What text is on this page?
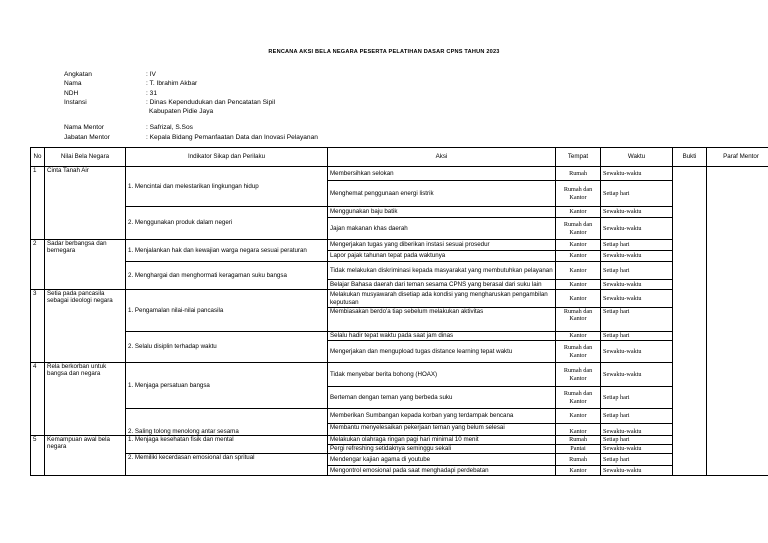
RENCANA AKSI BELA NEGARA PESERTA PELATIHAN DASAR CPNS TAHUN 2023
Angkatan	: IV
Nama	: T. Ibrahim Akbar
NDH	: 31
Instansi	: Dinas Kependudukan dan Pencatatan Sipil
Kabupaten Pidie Jaya
Nama Mentor	: Safrizal, S.Sos
Jabatan Mentor	: Kepala Bidang Pemanfaatan Data dan Inovasi Pelayanan
No	Nilai Bela Negara	Indikator Sikap dan Perilaku	Aksi	Tempat	Waktu	Bukti	Paraf Mentor
1	Cinta Tanah Air	1. Mencintai dan melestarikan lingkungan hidup	Membersihkan selokan	Rumah	Sewaktu-waktu		
			Menghemat penggunaan energi listrik	Rumah dan Kantor	Setiap hari		
		2. Menggunakan produk dalam negeri	Menggunakan baju batik	Kantor	Sewaktu-waktu		
			Jajan makanan khas daerah	Rumah dan Kantor	Sewaktu-waktu		
2	Sadar berbangsa dan bernegara	1. Menjalankan hak dan kewajian warga negara sesuai peraturan	Mengerjakan tugas yang diberikan instasi sesuai prosedur	Kantor	Setiap hari		
			Lapor pajak tahunan tepat pada waktunya	Kantor	Sewaktu-waktu		
		2. Menghargai dan menghormati keragaman suku bangsa	Tidak melakukan diskriminasi kepada masyarakat yang membutuhkan pelayanan	Kantor	Setiap hari		
			Belajar Bahasa daerah dari teman sesama CPNS yang berasal dari suku lain	Kantor	Sewaktu-waktu		
3	Setia pada pancasila sebagai ideologi negara	1. Pengamalan nilai-nilai pancasila	Melakukan musyawarah disetiap ada kondisi yang mengharuskan pengambilan keputusan	Kantor	Sewaktu-waktu		
			Membiasakan berdo'a tiap sebelum melakukan aktivitas	Rumah dan Kantor	Setiap hari		
		2. Selalu disiplin terhadap waktu	Selalu hadir tepat waktu pada saat jam dinas	Kantor	Setiap hari		
			Mengerjakan dan mengupload tugas distance learning tepat waktu	Rumah dan Kantor	Sewaktu-waktu		
4	Rela berkorban untuk bangsa dan negara	1. Menjaga persatuan bangsa	Tidak menyebar berita bohong (HOAX)	Rumah dan Kantor	Sewaktu-waktu		
			Berteman dengan teman yang berbeda suku	Rumah dan Kantor	Setiap hari		
		2. Saling tolong menolong antar sesama	Memberikan Sumbangan kepada korban yang terdampak bencana	Kantor	Setiap hari		
			Membantu menyelesaikan pekerjaan teman yang belum selesai	Kantor	Sewaktu-waktu		
5	Kemampuan awal bela negara	1. Menjaga kesehatan fisik dan mental	Melakukan olahraga ringan pagi hari minimal 10 menit	Rumah	Setiap hari		
			Pergi refreshing setidaknya seminggu sekali	Pantai	Sewaktu-waktu		
		2. Memiliki kecerdasan emosional dan spritual	Mendengar kajian agama di youtube	Rumah	Setiap hari		
			Mengontrol emosional pada saat menghadapi perdebatan	Kantor	Sewaktu-waktu		
